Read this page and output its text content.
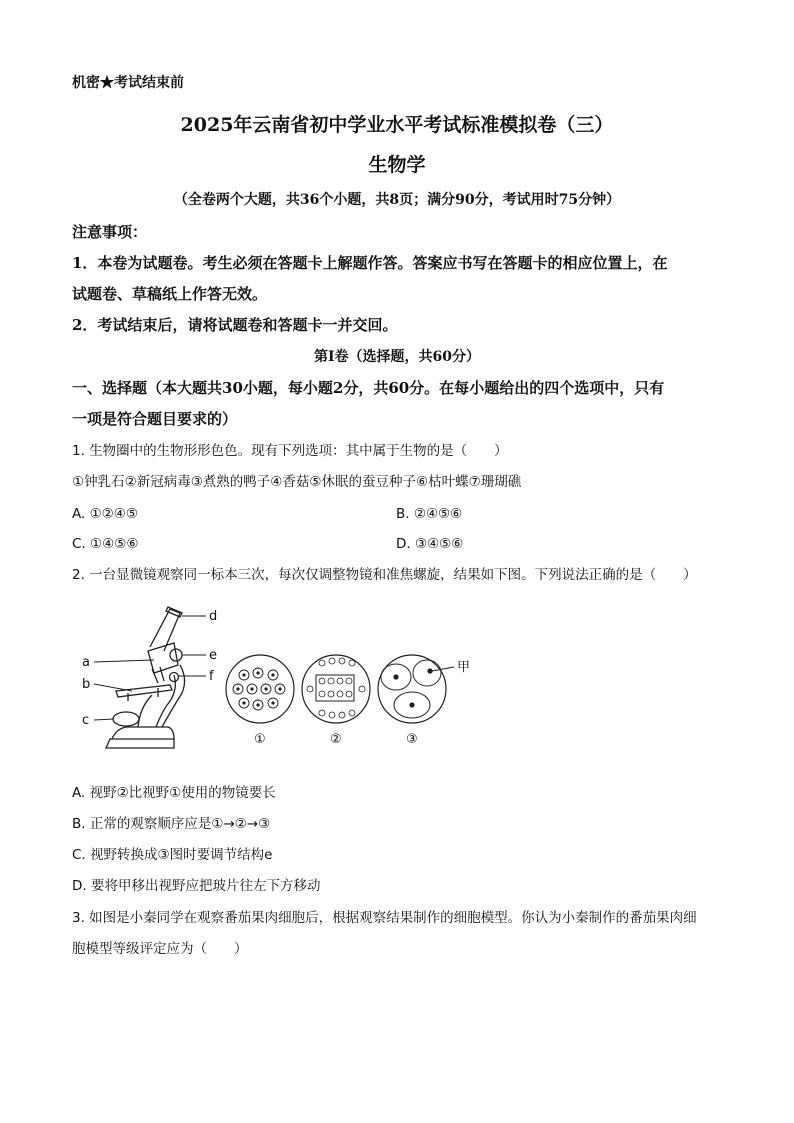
机密★考试结束前
2025年云南省初中学业水平考试标准模拟卷（三）
生物学
（全卷两个大题，共36个小题，共8页；满分90分，考试用时75分钟）
注意事项：
1．本卷为试题卷。考生必须在答题卡上解题作答。答案应书写在答题卡的相应位置上，在
试题卷、草稿纸上作答无效。
2．考试结束后，请将试题卷和答题卡一并交回。
第Ⅰ卷（选择题，共60分）
一、选择题（本大题共30小题，每小题2分，共60分。在每小题给出的四个选项中，只有
一项是符合题目要求的）
1. 生物圈中的生物形形色色。现有下列选项：其中属于生物的是（　　）
①钟乳石②新冠病毒③煮熟的鸭子④香菇⑤休眠的蚕豆种子⑥枯叶蝶⑦珊瑚礁
A. ①②④⑤	B. ②④⑤⑥
C. ①④⑤⑥	D. ③④⑤⑥
2. 一台显微镜观察同一标本三次，每次仅调整物镜和准焦螺旋，结果如下图。下列说法正确的是（　　）
a
b
c
d
e
f
甲
①	②	③
A. 视野②比视野①使用的物镜要长
B. 正常的观察顺序应是①→②→③
C. 视野转换成③图时要调节结构e
D. 要将甲移出视野应把玻片往左下方移动
3. 如图是小秦同学在观察番茄果肉细胞后，根据观察结果制作的细胞模型。你认为小秦制作的番茄果肉细
胞模型等级评定应为（　　）
